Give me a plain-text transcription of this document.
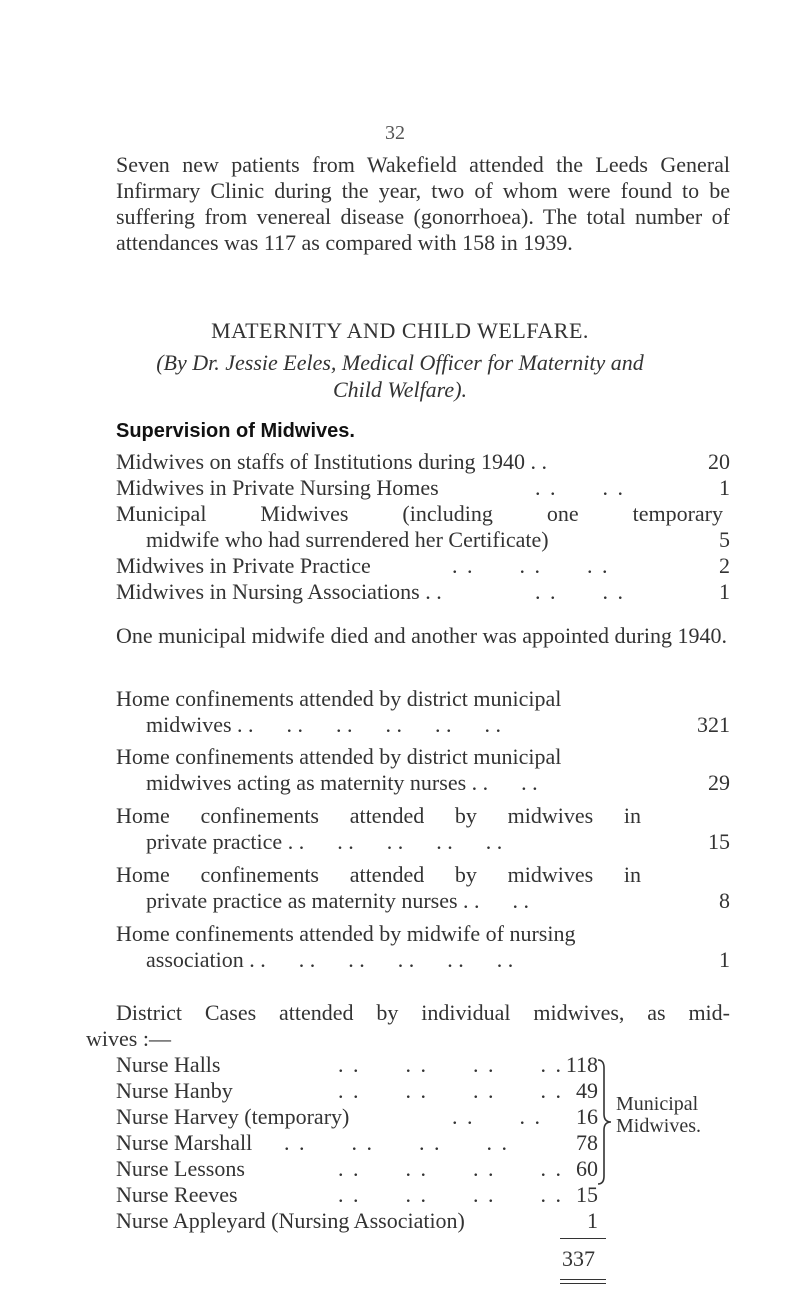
32
Seven new patients from Wakefield attended the Leeds General Infirmary Clinic during the year, two of whom were found to be suffering from venereal disease (gonorrhoea). The total number of attendances was 117 as compared with 158 in 1939.
MATERNITY AND CHILD WELFARE.
(By Dr. Jessie Eeles, Medical Officer for Maternity and
Child Welfare).
Supervision of Midwives.
Midwives on staffs of Institutions during 1940 . .	20
Midwives in Private Nursing Homes	. .      . .	1
Municipal Midwives (including one temporary
midwife who had surrendered her Certificate)	5
Midwives in Private Practice	. .      . .      . .	2
Midwives in Nursing Associations . .	. .      . .	1
One municipal midwife died and another was appointed during 1940.
Home confinements attended by district municipal
midwives . .      . .      . .      . .      . .      . .	321
Home confinements attended by district municipal
midwives acting as maternity nurses . .      . .	29
Home confinements attended by midwives in
private practice . .      . .      . .      . .      . .	15
Home confinements attended by midwives in
private practice as maternity nurses . .      . .	8
Home confinements attended by midwife of nursing
association . .      . .      . .      . .      . .      . .	1
District Cases attended by individual midwives, as mid-
wives :—
Nurse Halls	. .      . .      . .      . . 118
Nurse Hanby	. .      . .      . .      . . 49
Nurse Harvey (temporary)	. .      . . 16
Nurse Marshall . .      . .      . .      . .	78
Nurse Lessons	. .      . .      . .      . . 60
Nurse Reeves	. .      . .      . .      . . 15
Nurse Appleyard (Nursing Association)	1
Municipal
Midwives.
337
